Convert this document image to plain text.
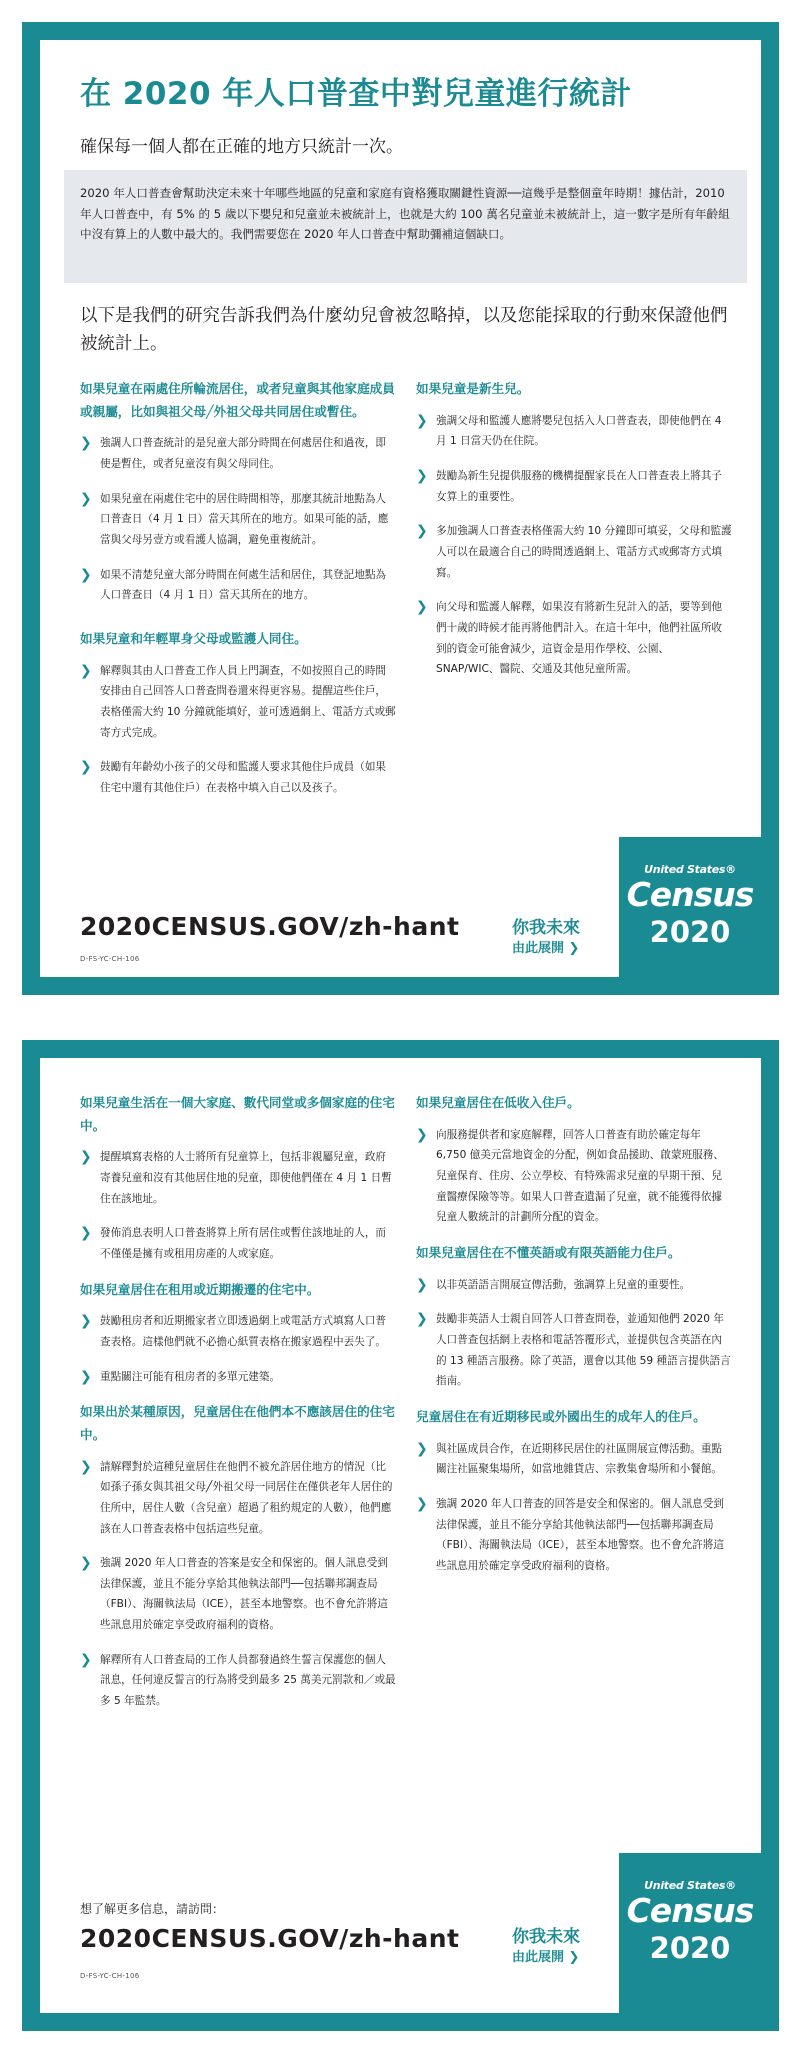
在 2020 年人口普查中對兒童進行統計

確保每一個人都在正確的地方只統計一次。

2020 年人口普查會幫助決定未來十年哪些地區的兒童和家庭有資格獲取關鍵性資源──這幾乎是整個童年時期！據估計，2010 年人口普查中，有 5% 的 5 歲以下嬰兒和兒童並未被統計上，也就是大約 100 萬名兒童並未被統計上，這一數字是所有年齡組中沒有算上的人數中最大的。我們需要您在 2020 年人口普查中幫助彌補這個缺口。

以下是我們的研究告訴我們為什麼幼兒會被忽略掉，以及您能採取的行動來保證他們被統計上。

如果兒童在兩處住所輪流居住，或者兒童與其他家庭成員或親屬，比如與祖父母╱外祖父母共同居住或暫住。
❯ 強調人口普查統計的是兒童大部分時間在何處居住和過夜，即使是暫住，或者兒童沒有與父母同住。
❯ 如果兒童在兩處住宅中的居住時間相等，那麼其統計地點為人口普查日（4 月 1 日）當天其所在的地方。如果可能的話，應當與父母另壹方或看護人協調，避免重複統計。
❯ 如果不清楚兒童大部分時間在何處生活和居住，其登記地點為人口普查日（4 月 1 日）當天其所在的地方。
如果兒童和年輕單身父母或監護人同住。
❯ 解釋與其由人口普查工作人員上門調查，不如按照自己的時間安排由自己回答人口普查問卷還來得更容易。提醒這些住戶，表格僅需大約 10 分鐘就能填好，並可透過網上、電話方式或郵寄方式完成。
❯ 鼓勵有年齡幼小孩子的父母和監護人要求其他住戶成員（如果住宅中還有其他住戶）在表格中填入自己以及孩子。
如果兒童是新生兒。
❯ 強調父母和監護人應將嬰兒包括入人口普查表，即使他們在 4 月 1 日當天仍在住院。
❯ 鼓勵為新生兒提供服務的機構提醒家長在人口普查表上將其子女算上的重要性。
❯ 多加強調人口普查表格僅需大約 10 分鐘即可填妥，父母和監護人可以在最適合自己的時間透過網上、電話方式或郵寄方式填寫。
❯ 向父母和監護人解釋，如果沒有將新生兒計入的話，要等到他們十歲的時候才能再將他們計入。在這十年中，他們社區所收到的資金可能會減少，這資金是用作學校、公園、SNAP/WIC、醫院、交通及其他兒童所需。
2020CENSUS.GOV/zh-hant
D-FS-YC-CH-106
你我未來
由此展開 ❯
United States®
Census
2020
如果兒童生活在一個大家庭、數代同堂或多個家庭的住宅中。
❯ 提醒填寫表格的人士將所有兒童算上，包括非親屬兒童，政府寄養兒童和沒有其他居住地的兒童，即使他們僅在 4 月 1 日暫住在該地址。
❯ 發佈消息表明人口普查將算上所有居住或暫住該地址的人，而不僅僅是擁有或租用房產的人或家庭。
如果兒童居住在租用或近期搬遷的住宅中。
❯ 鼓勵租房者和近期搬家者立即透過網上或電話方式填寫人口普查表格。這樣他們就不必擔心紙質表格在搬家過程中丟失了。
❯ 重點關注可能有租房者的多單元建築。
如果出於某種原因，兒童居住在他們本不應該居住的住宅中。
❯ 請解釋對於這種兒童居住在他們不被允許居住地方的情況（比如孫子孫女與其祖父母╱外祖父母一同居住在僅供老年人居住的住所中，居住人數（含兒童）超過了租約規定的人數），他們應該在人口普查表格中包括這些兒童。
❯ 強調 2020 年人口普查的答案是安全和保密的。個人訊息受到法律保護，並且不能分享給其他執法部門──包括聯邦調查局（FBI）、海關執法局（ICE），甚至本地警察。也不會允許將這些訊息用於確定享受政府福利的資格。
❯ 解釋所有人口普查局的工作人員都發過終生誓言保護您的個人訊息，任何違反誓言的行為將受到最多 25 萬美元罰款和／或最多 5 年監禁。
如果兒童居住在低收入住戶。
❯ 向服務提供者和家庭解釋，回答人口普查有助於確定每年 6,750 億美元當地資金的分配，例如食品援助、啟蒙班服務、兒童保育、住房、公立學校、有特殊需求兒童的早期干預、兒童醫療保險等等。如果人口普查遺漏了兒童，就不能獲得依據兒童人數統計的計劃所分配的資金。
如果兒童居住在不懂英語或有限英語能力住戶。
❯ 以非英語語言開展宣傳活動，強調算上兒童的重要性。
❯ 鼓勵非英語人士親自回答人口普查問卷，並通知他們 2020 年人口普查包括網上表格和電話答覆形式，並提供包含英語在內的 13 種語言服務。除了英語，還會以其他 59 種語言提供語言指南。
兒童居住在有近期移民或外國出生的成年人的住戶。
❯ 與社區成員合作，在近期移民居住的社區開展宣傳活動。重點關注社區聚集場所，如當地雜貨店、宗教集會場所和小餐館。
❯ 強調 2020 年人口普查的回答是安全和保密的。個人訊息受到法律保護，並且不能分享給其他執法部門──包括聯邦調查局（FBI）、海關執法局（ICE），甚至本地警察。也不會允許將這些訊息用於確定享受政府福利的資格。
想了解更多信息，請訪問：
2020CENSUS.GOV/zh-hant
D-FS-YC-CH-106
你我未來
由此展開 ❯
United States®
Census
2020
